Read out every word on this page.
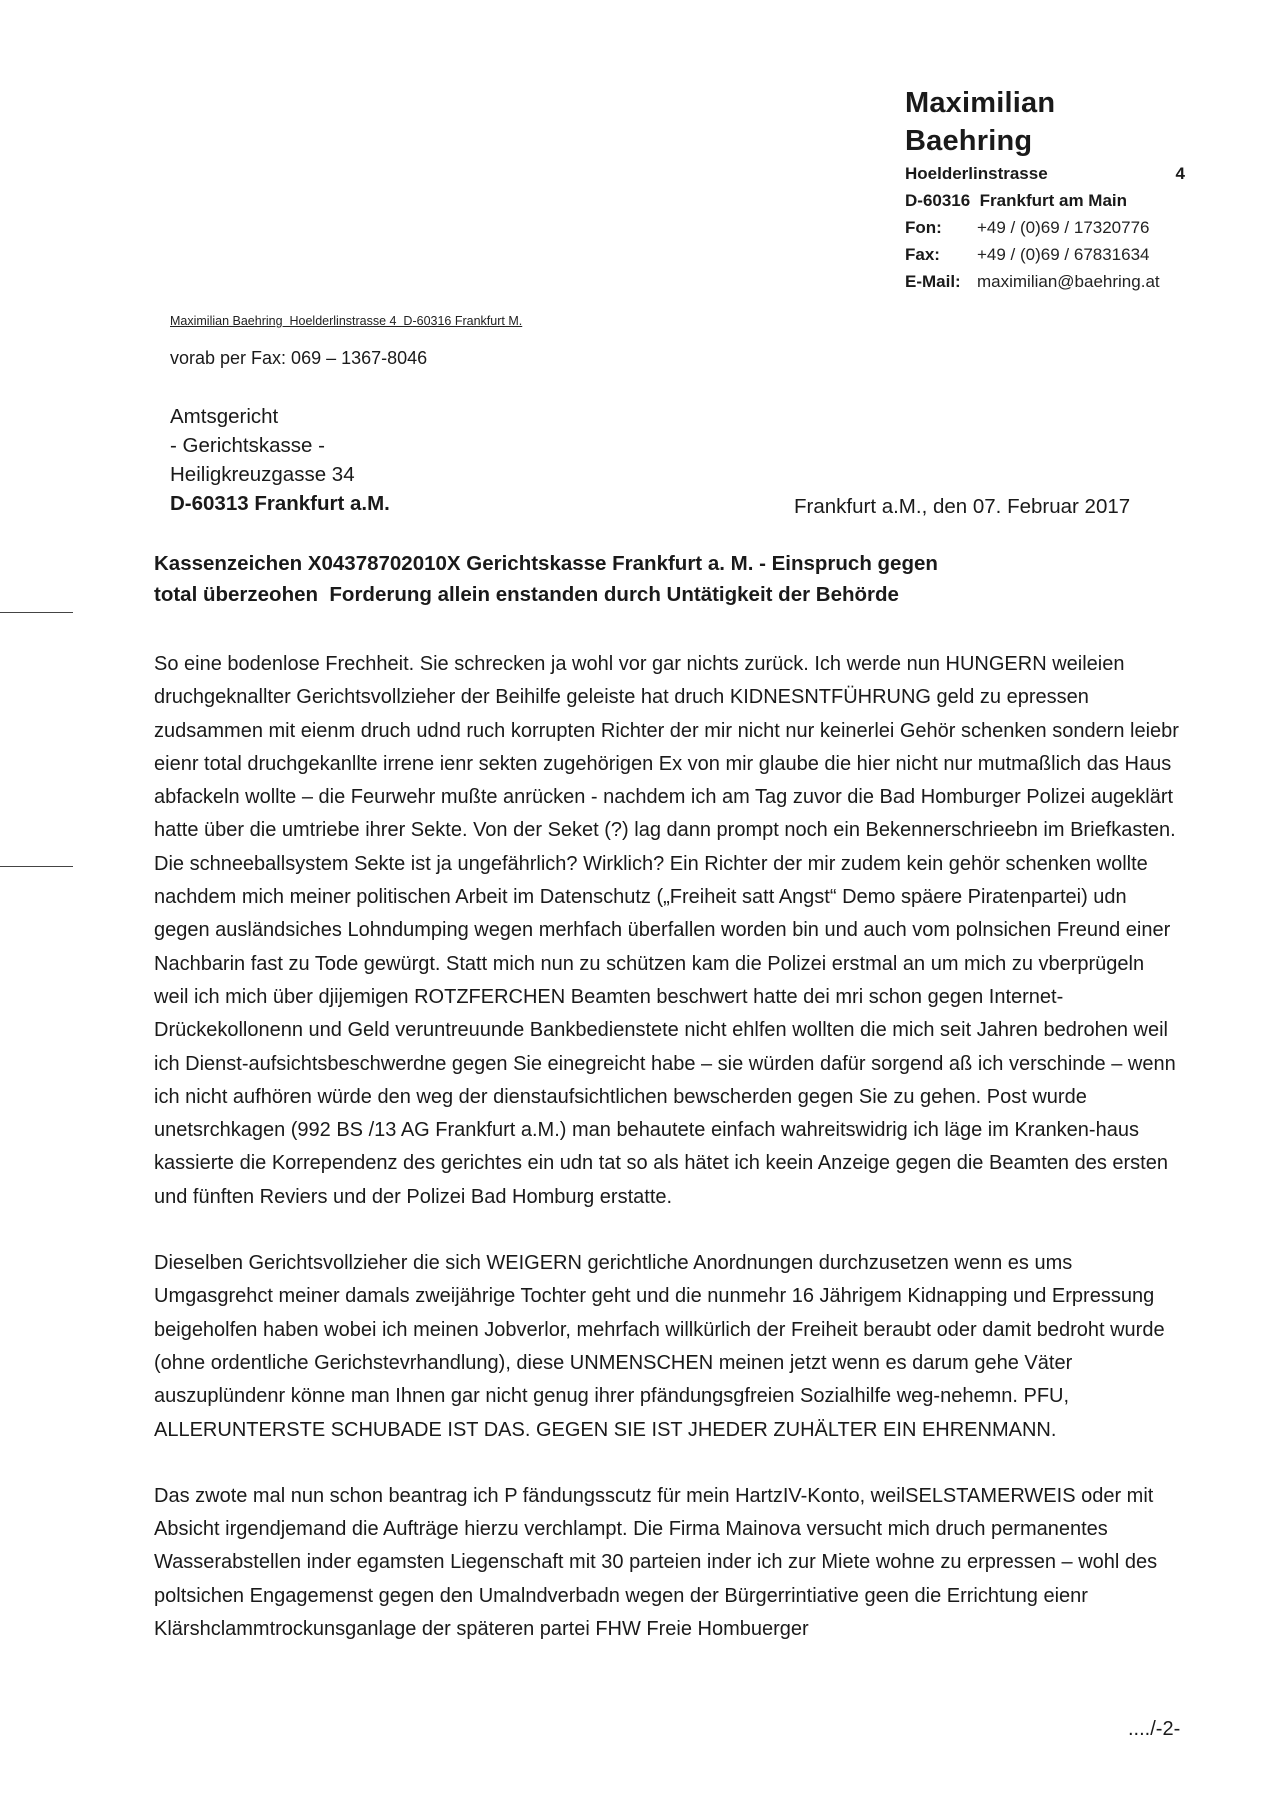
Maximilian Baehring
Hoelderlinstrasse	4
D-60316  Frankfurt am Main
Fon:	+49 / (0)69 / 17320776
Fax:	+49 / (0)69 / 67831634
E-Mail: maximilian@baehring.at
Maximilian Baehring  Hoelderlinstrasse 4  D-60316 Frankfurt M.
vorab per Fax: 069 – 1367-8046
Amtsgericht
- Gerichtskasse -
Heiligkreuzgasse 34
D-60313 Frankfurt a.M.	Frankfurt a.M., den 07. Februar 2017
Kassenzeichen X04378702010X Gerichtskasse Frankfurt a. M. - Einspruch gegen
total überzeohen  Forderung allein enstanden durch Untätigkeit der Behörde

So eine bodenlose Frechheit. Sie schrecken ja wohl vor gar nichts zurück. Ich werde nun HUNGERN weileien druchgeknallter Gerichtsvollzieher der Beihilfe geleiste hat druch KIDNESNTFÜHRUNG geld zu epressen zudsammen mit eienm druch udnd ruch korrupten Richter der mir nicht nur keinerlei Gehör schenken sondern leiebr eienr total druchgekanllte irrene ienr sekten zugehörigen Ex von mir glaube die hier nicht nur mutmaßlich das Haus abfackeln wollte – die Feurwehr mußte anrücken - nachdem ich am Tag zuvor die Bad Homburger Polizei augeklärt hatte über die umtriebe ihrer Sekte. Von der Seket (?) lag dann prompt noch ein Bekennerschrieebn im Briefkasten. Die schneeballsystem Sekte ist ja ungefährlich? Wirklich? Ein Richter der mir zudem kein gehör schenken wollte nachdem mich meiner politischen Arbeit im Datenschutz („Freiheit satt Angst“ Demo späere Piratenpartei) udn gegen ausländsiches Lohndumping wegen merhfach überfallen worden bin und auch vom polnsichen Freund einer Nachbarin fast zu Tode gewürgt. Statt mich nun zu schützen kam die Polizei erstmal an um mich zu vberprügeln weil ich mich über djijemigen ROTZFERCHEN Beamten beschwert hatte dei mri schon gegen Internet-Drückekollonenn und Geld veruntreuunde Bankbedienstete nicht ehlfen wollten die mich seit Jahren bedrohen weil ich Dienst-aufsichtsbeschwerdne gegen Sie einegreicht habe – sie würden dafür sorgend aß ich verschinde – wenn ich nicht aufhören würde den weg der dienstaufsichtlichen bewscherden gegen Sie zu gehen. Post wurde unetsrchkagen (992 BS /13 AG Frankfurt a.M.) man behautete einfach wahreitswidrig ich läge im Kranken-haus kassierte die Korrependenz des gerichtes ein udn tat so als hätet ich keein Anzeige gegen die Beamten des ersten und fünften Reviers und der Polizei Bad Homburg erstatte.

Dieselben Gerichtsvollzieher die sich WEIGERN gerichtliche Anordnungen durchzusetzen wenn es ums Umgasgrehct meiner damals zweijährige Tochter geht und die nunmehr 16 Jährigem Kidnapping und Erpressung beigeholfen haben wobei ich meinen Jobverlor, mehrfach willkürlich der Freiheit beraubt oder damit bedroht wurde (ohne ordentliche Gerichstevrhandlung), diese UNMENSCHEN meinen jetzt wenn es darum gehe Väter auszuplündenr könne man Ihnen gar nicht genug ihrer pfändungsgfreien Sozialhilfe weg-nehemn. PFU, ALLERUNTERSTE SCHUBADE IST DAS. GEGEN SIE IST JHEDER ZUHÄLTER EIN EHRENMANN.

Das zwote mal nun schon beantrag ich P fändungsscutz für mein HartzIV-Konto, weilSELSTAMERWEIS oder mit Absicht irgendjemand die Aufträge hierzu verchlampt. Die Firma Mainova versucht mich druch permanentes Wasserabstellen inder egamsten Liegenschaft mit 30 parteien inder ich zur Miete wohne zu erpressen – wohl des poltsichen Engagemenst gegen den Umalndverbadn wegen der Bürgerrintiative geen die Errichtung eienr Klärshclammtrockunsganlage der späteren partei FHW Freie Hombuerger

..../-2-
